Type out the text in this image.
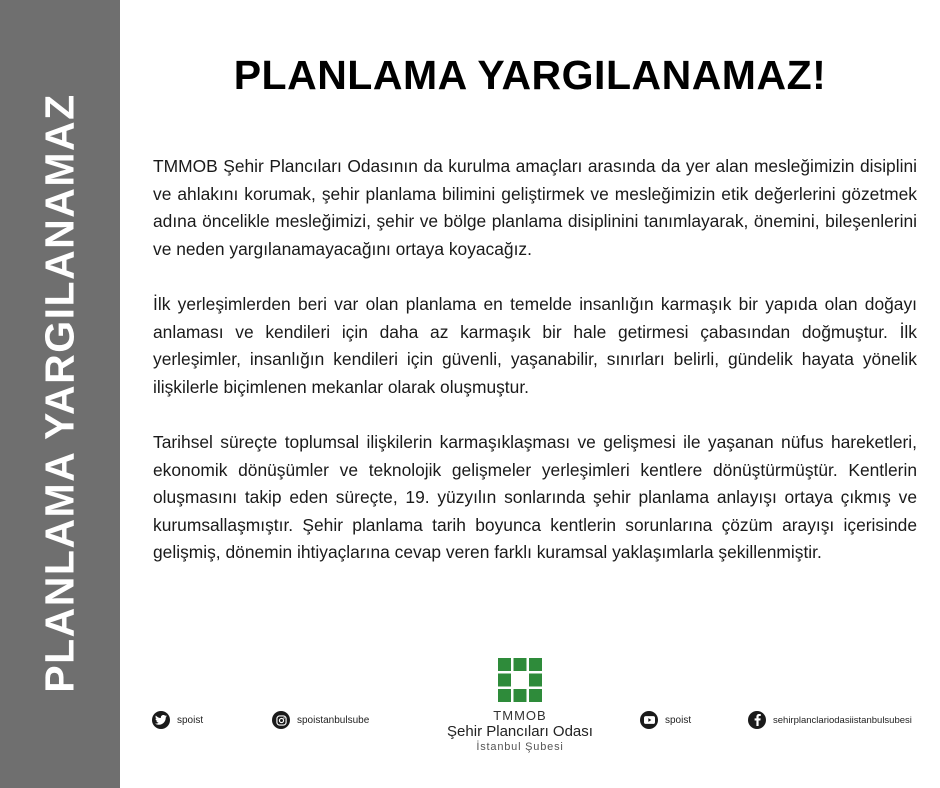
PLANLAMA YARGILANAMAZ
PLANLAMA YARGILANAMAZ!

TMMOB Şehir Plancıları Odasının da kurulma amaçları arasında da yer alan mesleğimizin disiplini ve ahlakını korumak, şehir planlama bilimini geliştirmek ve mesleğimizin etik değerlerini gözetmek adına öncelikle mesleğimizi, şehir ve bölge planlama disiplinini tanımlayarak, önemini, bileşenlerini ve neden yargılanamayacağını ortaya koyacağız.

İlk yerleşimlerden beri var olan planlama en temelde insanlığın karmaşık bir yapıda olan doğayı anlaması ve kendileri için daha az karmaşık bir hale getirmesi çabasından doğmuştur. İlk yerleşimler, insanlığın kendileri için güvenli, yaşanabilir, sınırları belirli, gündelik hayata yönelik ilişkilerle biçimlenen mekanlar olarak oluşmuştur.

Tarihsel süreçte toplumsal ilişkilerin karmaşıklaşması ve gelişmesi ile yaşanan nüfus hareketleri, ekonomik dönüşümler ve teknolojik gelişmeler yerleşimleri kentlere dönüştürmüştür. Kentlerin oluşmasını takip eden süreçte, 19. yüzyılın sonlarında şehir planlama anlayışı ortaya çıkmış ve kurumsallaşmıştır. Şehir planlama tarih boyunca kentlerin sorunlarına çözüm arayışı içerisinde gelişmiş, dönemin ihtiyaçlarına cevap veren farklı kuramsal yaklaşımlarla şekillenmiştir.

spoist	spoistanbulsube	spoist	sehirplanclariodasiistanbulsubesi
TMMOB
Şehir Plancıları Odası
İstanbul Şubesi
